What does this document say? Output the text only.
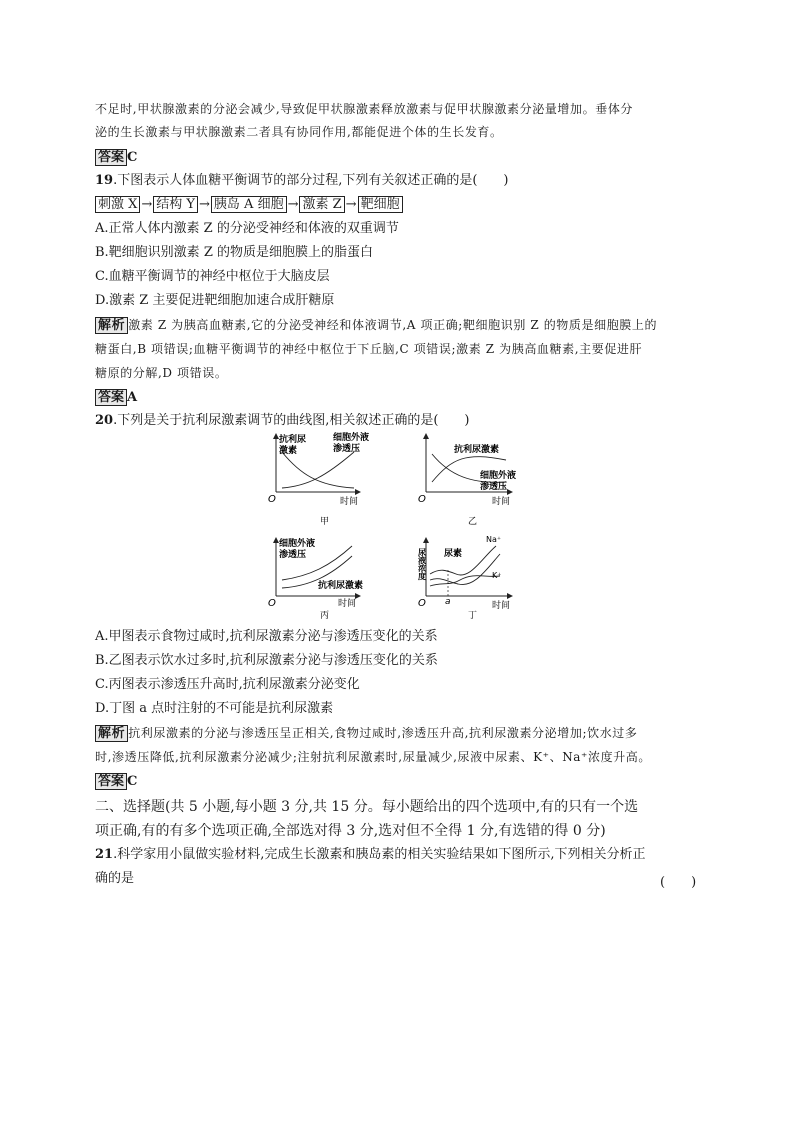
不足时,甲状腺激素的分泌会减少,导致促甲状腺激素释放激素与促甲状腺激素分泌量增加。垂体分
泌的生长激素与甲状腺激素二者具有协同作用,都能促进个体的生长发育。
答案 C
19.下图表示人体血糖平衡调节的部分过程,下列有关叙述正确的是(　　)
刺激 X → 结构 Y → 胰岛 A 细胞 → 激素 Z → 靶细胞
A.正常人体内激素 Z 的分泌受神经和体液的双重调节
B.靶细胞识别激素 Z 的物质是细胞膜上的脂蛋白
C.血糖平衡调节的神经中枢位于大脑皮层
D.激素 Z 主要促进靶细胞加速合成肝糖原
解析 激素 Z 为胰高血糖素,它的分泌受神经和体液调节,A 项正确;靶细胞识别 Z 的物质是细胞膜上的
糖蛋白,B 项错误;血糖平衡调节的神经中枢位于下丘脑,C 项错误;激素 Z 为胰高血糖素,主要促进肝
糖原的分解,D 项错误。
答案 A
20.下列是关于抗利尿激素调节的曲线图,相关叙述正确的是(　　)
抗利尿
激素
细胞外液
渗透压
O	时间
甲
抗利尿激素
细胞外液
渗透压
O	时间
乙
细胞外液
渗透压
抗利尿激素
O	时间
丙
尿液浓度 尿素
Na⁺
K⁺
a
O	时间
丁
A.甲图表示食物过咸时,抗利尿激素分泌与渗透压变化的关系
B.乙图表示饮水过多时,抗利尿激素分泌与渗透压变化的关系
C.丙图表示渗透压升高时,抗利尿激素分泌变化
D.丁图 a 点时注射的不可能是抗利尿激素
解析 抗利尿激素的分泌与渗透压呈正相关,食物过咸时,渗透压升高,抗利尿激素分泌增加;饮水过多
时,渗透压降低,抗利尿激素分泌减少;注射抗利尿激素时,尿量减少,尿液中尿素、K⁺、Na⁺浓度升高。
答案 C
二、选择题(共 5 小题,每小题 3 分,共 15 分。每小题给出的四个选项中,有的只有一个选
项正确,有的有多个选项正确,全部选对得 3 分,选对但不全得 1 分,有选错的得 0 分)
21.科学家用小鼠做实验材料,完成生长激素和胰岛素的相关实验结果如下图所示,下列相关分析正
确的是	(　　)
